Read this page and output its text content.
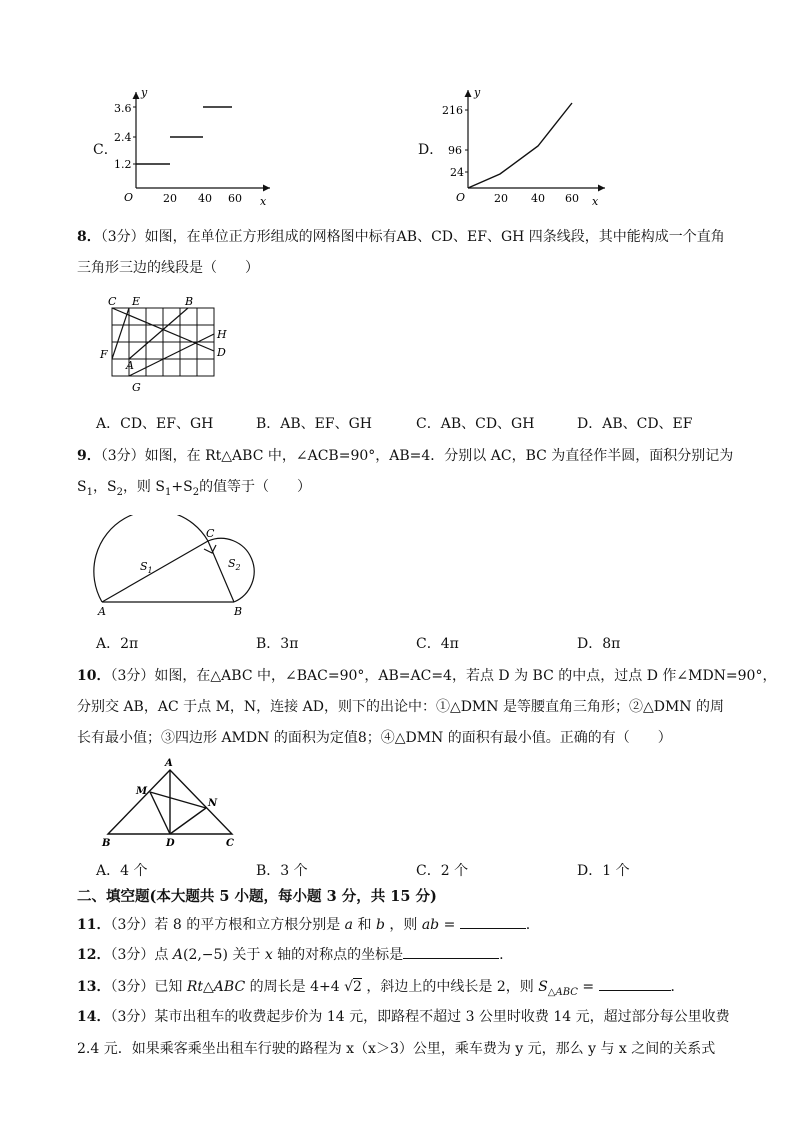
C．
y
x
O
3.6
2.4
1.2
20 40 60
D．
y
x
O
216
96
24
20 40 60
8．（3分）如图，在单位正方形组成的网格图中标有AB、CD、EF、GH 四条线段，其中能构成一个直角
三角形三边的线段是（　　）
C E	B
H
F	D
A
G
A．CD、EF、GH	B．AB、EF、GH	C．AB、CD、GH	D．AB、CD、EF
9．（3分）如图，在 Rt△ABC 中，∠ACB=90°，AB=4．分别以 AC，BC 为直径作半圆，面积分别记为
$S_1$，$S_2$，则 $S_1+S_2$的值等于（　　）
C
A	B
$S_1$
$S_2$
A．2π	B．3π	C．4π	D．8π
10．（3分）如图，在△ABC 中，∠BAC=90°，AB=AC=4，若点 D 为 BC 的中点，过点 D 作∠MDN=90°，
分别交 AB，AC 于点 M，N，连接 AD，则下的出论中：①△DMN 是等腰直角三角形；②△DMN 的周
长有最小值；③四边形 AMDN 的面积为定值8；④△DMN 的面积有最小值。正确的有（　　）
A
M
N
B	D	C
A．4 个	B．3 个	C．2 个	D．1 个
二、填空题(本大题共 5 小题，每小题 3 分，共 15 分)
11．（3分）若 8 的平方根和立方根分别是 a 和 b ，则 ab =	.
12．（3分）点 A(2,−5) 关于 x 轴的对称点的坐标是	.
13．（3分）已知 Rt△ABC 的周长是 4+4 √2 ，斜边上的中线长是 2，则 $S_{\triangle ABC}$ =	．
14．（3分）某市出租车的收费起步价为 14 元，即路程不超过 3 公里时收费 14 元，超过部分每公里收费
2.4 元．如果乘客乘坐出租车行驶的路程为 x（x＞3）公里，乘车费为 y 元，那么 y 与 x 之间的关系式
